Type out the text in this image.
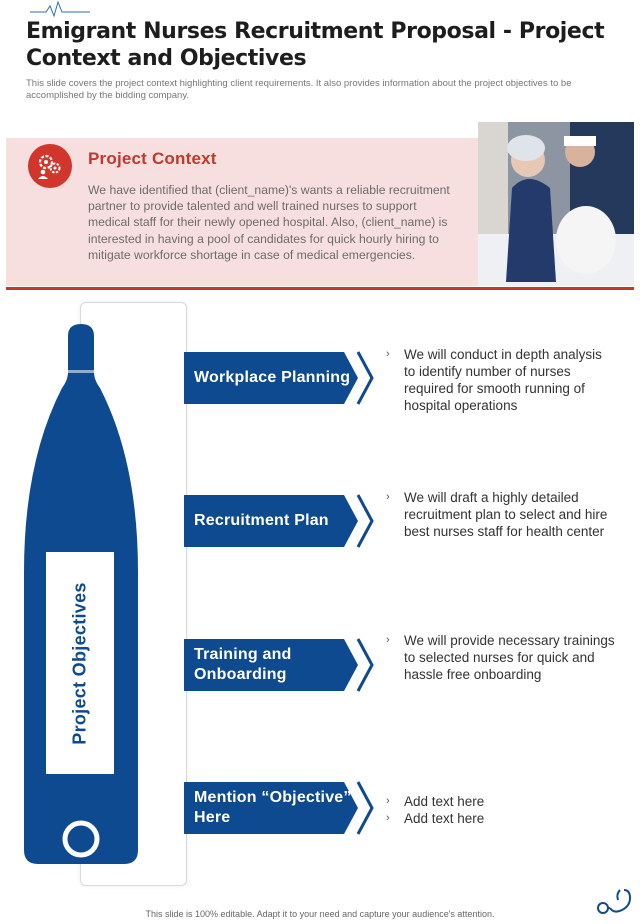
Emigrant Nurses Recruitment Proposal - Project Context and Objectives
This slide covers the project context highlighting client requirements. It also provides information about the project objectives to be accomplished by the bidding company.
Project Context
We have identified that (client_name)'s wants a reliable recruitment partner to provide talented and well trained nurses to support medical staff for their newly opened hospital. Also, (client_name) is interested in having a pool of candidates for quick hourly hiring to mitigate workforce shortage in case of medical emergencies.
Project Objectives
Workplace Planning
› We will conduct in depth analysis to identify number of nurses required for smooth running of hospital operations
Recruitment Plan
› We will draft a highly detailed recruitment plan to select and hire best nurses staff for health center
Training and Onboarding
› We will provide necessary trainings to selected nurses for quick and hassle free onboarding
Mention “Objective” Here
› Add text here
› Add text here
This slide is 100% editable. Adapt it to your need and capture your audience's attention.
